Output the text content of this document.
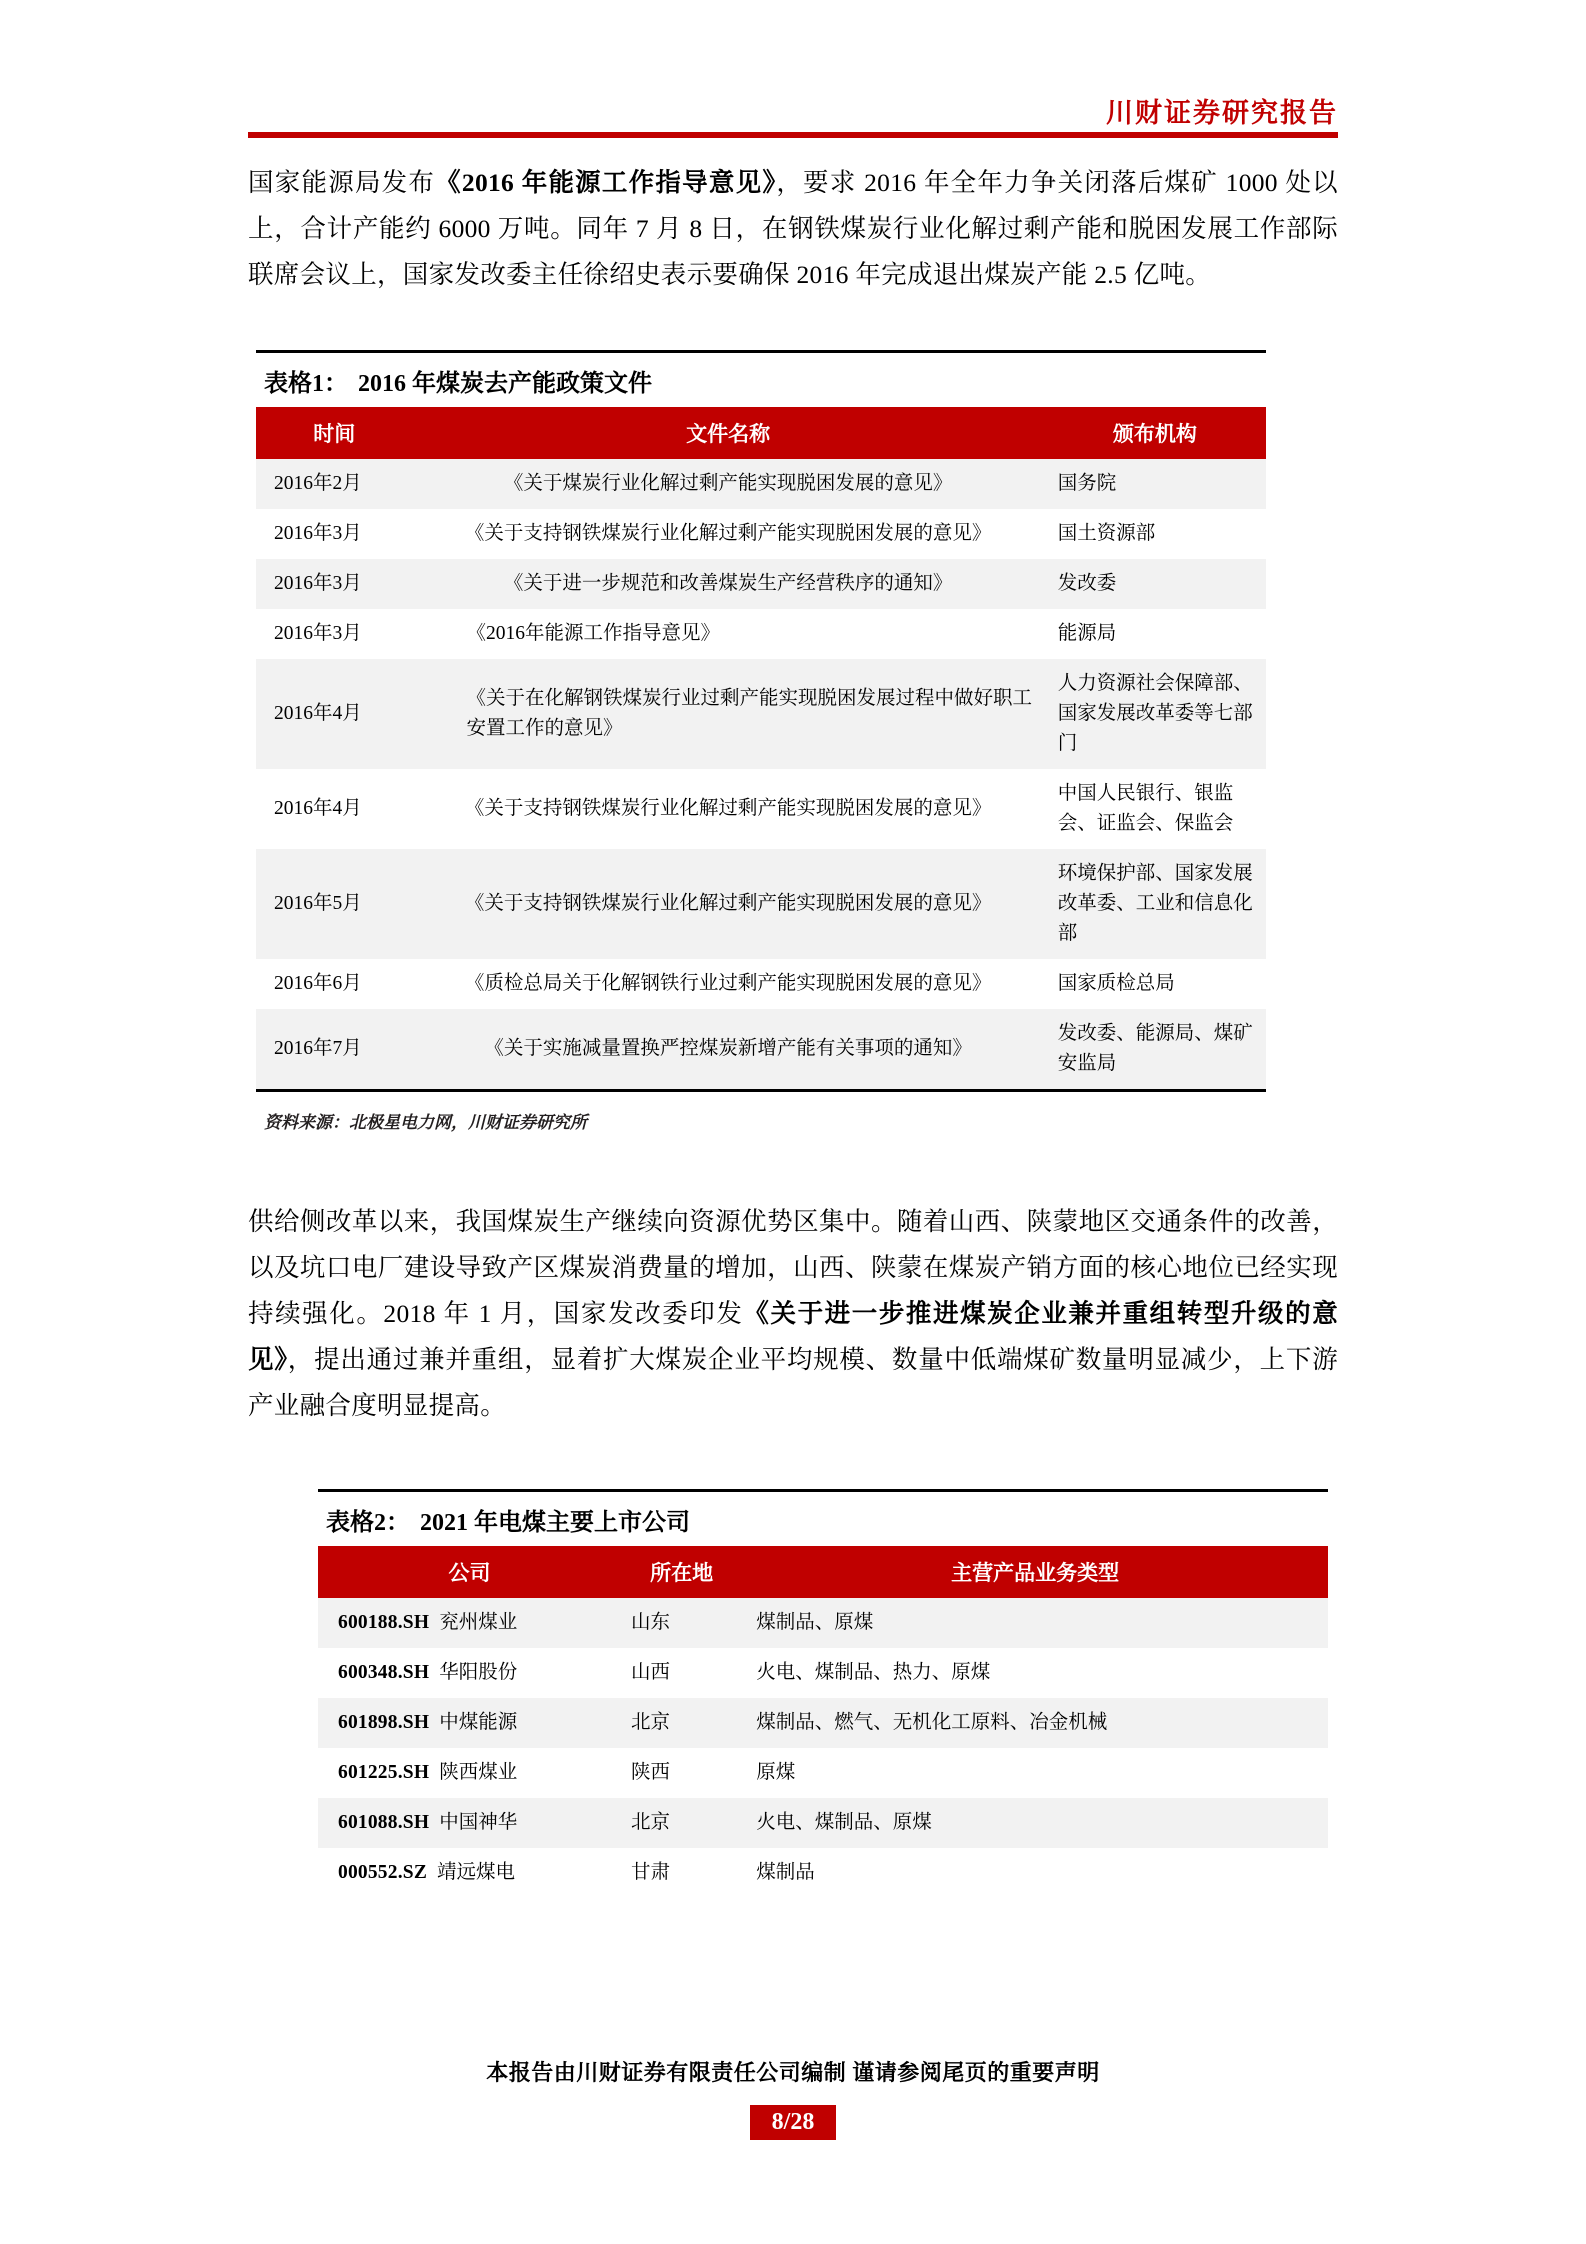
川财证券研究报告

国家能源局发布《2016 年能源工作指导意见》，要求 2016 年全年力争关闭落后煤矿 1000 处以上，合计产能约 6000 万吨。同年 7 月 8 日，在钢铁煤炭行业化解过剩产能和脱困发展工作部际联席会议上，国家发改委主任徐绍史表示要确保 2016 年完成退出煤炭产能 2.5 亿吨。

表格1： 2016 年煤炭去产能政策文件
时间	文件名称	颁布机构
2016年2月	《关于煤炭行业化解过剩产能实现脱困发展的意见》	国务院
2016年3月	《关于支持钢铁煤炭行业化解过剩产能实现脱困发展的意见》	国土资源部
2016年3月	《关于进一步规范和改善煤炭生产经营秩序的通知》	发改委
2016年3月	《2016年能源工作指导意见》	能源局
2016年4月	《关于在化解钢铁煤炭行业过剩产能实现脱困发展过程中做好职工安置工作的意见》	人力资源社会保障部、国家发展改革委等七部门
2016年4月	《关于支持钢铁煤炭行业化解过剩产能实现脱困发展的意见》	中国人民银行、银监会、证监会、保监会
2016年5月	《关于支持钢铁煤炭行业化解过剩产能实现脱困发展的意见》	环境保护部、国家发展改革委、工业和信息化部
2016年6月	《质检总局关于化解钢铁行业过剩产能实现脱困发展的意见》	国家质检总局
2016年7月	《关于实施减量置换严控煤炭新增产能有关事项的通知》	发改委、能源局、煤矿安监局
资料来源：北极星电力网，川财证券研究所

供给侧改革以来，我国煤炭生产继续向资源优势区集中。随着山西、陕蒙地区交通条件的改善，以及坑口电厂建设导致产区煤炭消费量的增加，山西、陕蒙在煤炭产销方面的核心地位已经实现持续强化。2018 年 1 月，国家发改委印发《关于进一步推进煤炭企业兼并重组转型升级的意见》，提出通过兼并重组，显着扩大煤炭企业平均规模、数量中低端煤矿数量明显减少，上下游产业融合度明显提高。

表格2： 2021 年电煤主要上市公司
公司	所在地	主营产品业务类型
600188.SH 兖州煤业	山东	煤制品、原煤
600348.SH 华阳股份	山西	火电、煤制品、热力、原煤
601898.SH 中煤能源	北京	煤制品、燃气、无机化工原料、冶金机械
601225.SH 陕西煤业	陕西	原煤
601088.SH 中国神华	北京	火电、煤制品、原煤
000552.SZ 靖远煤电	甘肃	煤制品
本报告由川财证券有限责任公司编制 谨请参阅尾页的重要声明
8/28
